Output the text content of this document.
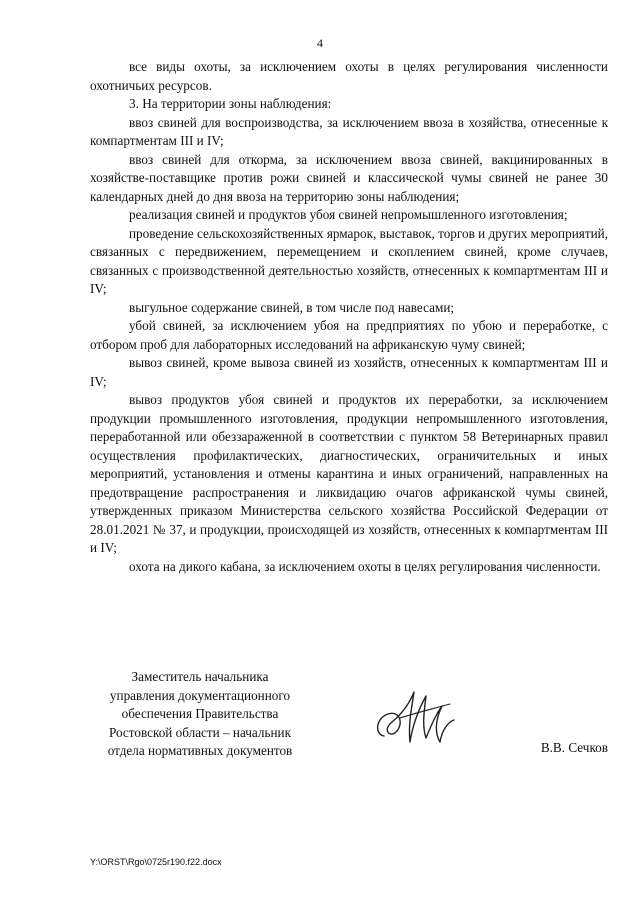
4

все виды охоты, за исключением охоты в целях регулирования численности охотничьих ресурсов.

3. На территории зоны наблюдения:

ввоз свиней для воспроизводства, за исключением ввоза в хозяйства, отнесенные к компартментам III и IV;

ввоз свиней для откорма, за исключением ввоза свиней, вакцинированных в хозяйстве-поставщике против рожи свиней и классической чумы свиней не ранее 30 календарных дней до дня ввоза на территорию зоны наблюдения;

реализация свиней и продуктов убоя свиней непромышленного изготовления;

проведение сельскохозяйственных ярмарок, выставок, торгов и других мероприятий, связанных с передвижением, перемещением и скоплением свиней, кроме случаев, связанных с производственной деятельностью хозяйств, отнесенных к компартментам III и IV;

выгульное содержание свиней, в том числе под навесами;

убой свиней, за исключением убоя на предприятиях по убою и переработке, с отбором проб для лабораторных исследований на африканскую чуму свиней;

вывоз свиней, кроме вывоза свиней из хозяйств, отнесенных к компартментам III и IV;

вывоз продуктов убоя свиней и продуктов их переработки, за исключением продукции промышленного изготовления, продукции непромышленного изготовления, переработанной или обеззараженной в соответствии с пунктом 58 Ветеринарных правил осуществления профилактических, диагностических, ограничительных и иных мероприятий, установления и отмены карантина и иных ограничений, направленных на предотвращение распространения и ликвидацию очагов африканской чумы свиней, утвержденных приказом Министерства сельского хозяйства Российской Федерации от 28.01.2021 № 37, и продукции, происходящей из хозяйств, отнесенных к компартментам III и IV;

охота на дикого кабана, за исключением охоты в целях регулирования численности.

Заместитель начальника
управления документационного
обеспечения Правительства
Ростовской области – начальник
отдела нормативных документов	В.В. Сечков
Y:\ORST\Rgo\0725r190.f22.docx
